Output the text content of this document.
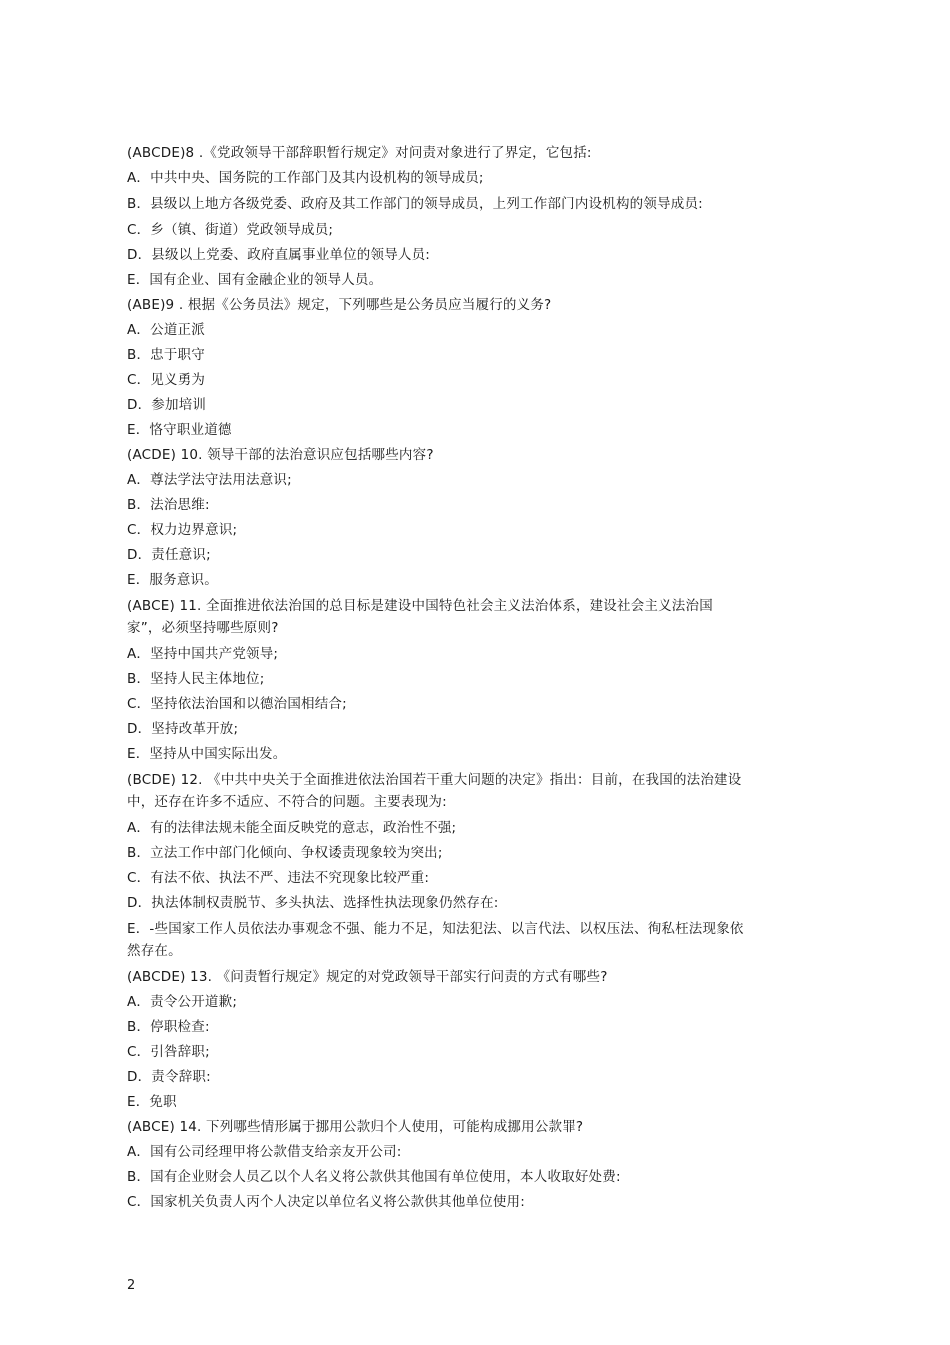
(ABCDE)8 .《党政领导干部辞职暂行规定》对问责对象进行了界定，它包括:

A．中共中央、国务院的工作部门及其内设机构的领导成员;

B．县级以上地方各级党委、政府及其工作部门的领导成员，上列工作部门内设机构的领导成员:

C．乡（镇、街道）党政领导成员;

D．县级以上党委、政府直属事业单位的领导人员:

E．国有企业、国有金融企业的领导人员。

(ABE)9 . 根据《公务员法》规定，下列哪些是公务员应当履行的义务?

A．公道正派

B．忠于职守

C．见义勇为

D．参加培训

E．恪守职业道德

(ACDE) 10. 领导干部的法治意识应包括哪些内容?

A．尊法学法守法用法意识;

B．法治思维:

C．权力边界意识;

D．责任意识;

E．服务意识。

(ABCE) 11. 全面推进依法治国的总目标是建设中国特色社会主义法治体系，建设社会主义法治国家”，必须坚持哪些原则?

A．坚持中国共产党领导;

B．坚持人民主体地位;

C．坚持依法治国和以德治国相结合;

D．坚持改革开放;

E．坚持从中国实际出发。

(BCDE) 12. 《中共中央关于全面推进依法治国若干重大问题的决定》指出：目前，在我国的法治建设中，还存在许多不适应、不符合的问题。主要表现为:

A．有的法律法规未能全面反映党的意志，政治性不强;

B．立法工作中部门化倾向、争权诿责现象较为突出;

C．有法不依、执法不严、违法不究现象比较严重:

D．执法体制权责脱节、多头执法、选择性执法现象仍然存在:

E．-些国家工作人员依法办事观念不强、能力不足，知法犯法、以言代法、以权压法、徇私枉法现象依然存在。

(ABCDE) 13. 《问责暂行规定》规定的对党政领导干部实行问责的方式有哪些?

A．责令公开道歉;

B．停职检查:

C．引咎辞职;

D．责令辞职:

E．免职

(ABCE) 14. 下列哪些情形属于挪用公款归个人使用，可能构成挪用公款罪?

A．国有公司经理甲将公款借支给亲友开公司:

B．国有企业财会人员乙以个人名义将公款供其他国有单位使用，本人收取好处费:

C．国家机关负责人丙个人决定以单位名义将公款供其他单位使用:

2
